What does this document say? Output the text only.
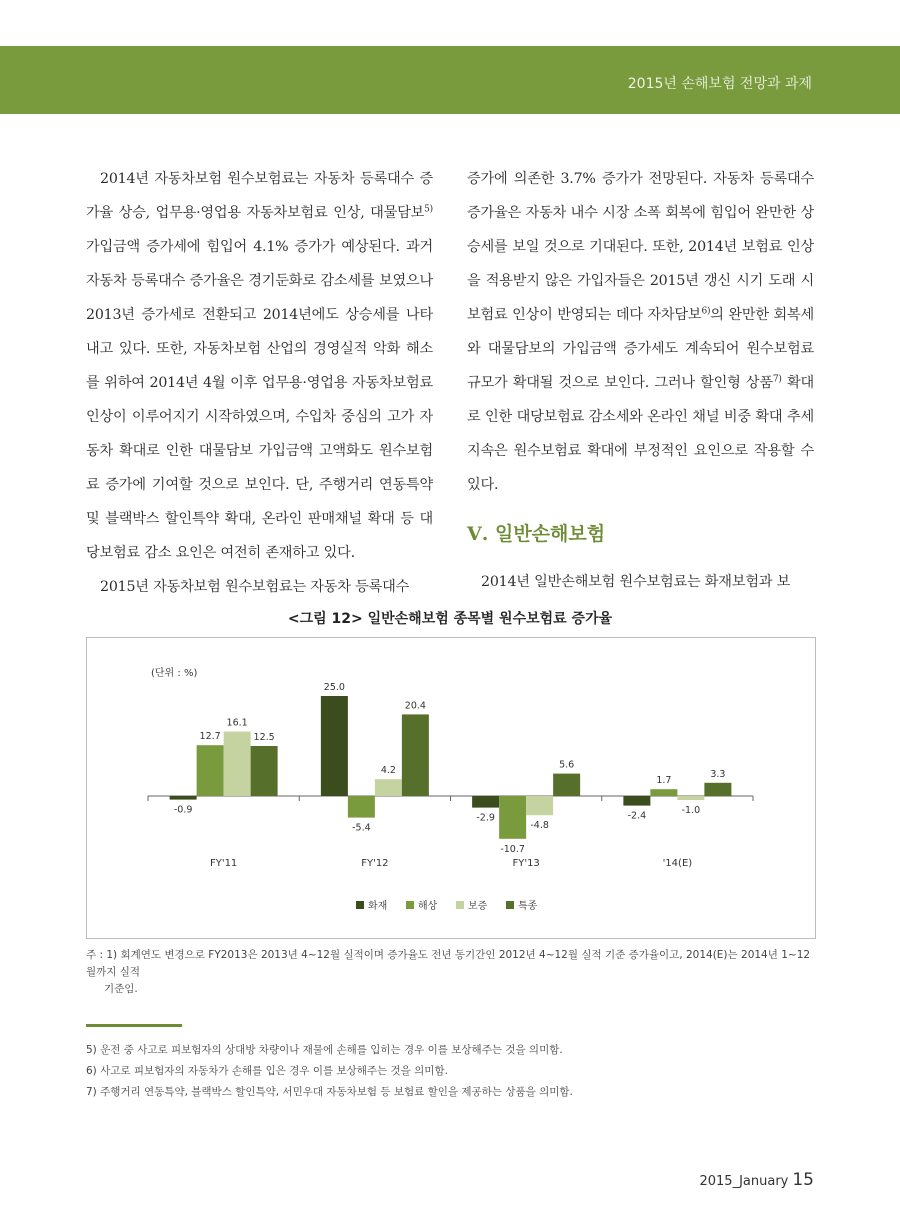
2015년 손해보험 전망과 과제

2014년 자동차보험 원수보험료는 자동차 등록대수 증가율 상승, 업무용·영업용 자동차보험료 인상, 대물담보$^{5)}$ 가입금액 증가세에 힘입어 4.1% 증가가 예상된다. 과거 자동차 등록대수 증가율은 경기둔화로 감소세를 보였으나 2013년 증가세로 전환되고 2014년에도 상승세를 나타내고 있다. 또한, 자동차보험 산업의 경영실적 악화 해소를 위하여 2014년 4월 이후 업무용·영업용 자동차보험료 인상이 이루어지기 시작하였으며, 수입차 중심의 고가 자동차 확대로 인한 대물담보 가입금액 고액화도 원수보험료 증가에 기여할 것으로 보인다. 단, 주행거리 연동특약 및 블랙박스 할인특약 확대, 온라인 판매채널 확대 등 대당보험료 감소 요인은 여전히 존재하고 있다.

2015년 자동차보험 원수보험료는 자동차 등록대수

증가에 의존한 3.7% 증가가 전망된다. 자동차 등록대수 증가율은 자동차 내수 시장 소폭 회복에 힘입어 완만한 상승세를 보일 것으로 기대된다. 또한, 2014년 보험료 인상을 적용받지 않은 가입자들은 2015년 갱신 시기 도래 시 보험료 인상이 반영되는 데다 자차담보$^{6)}$의 완만한 회복세와 대물담보의 가입금액 증가세도 계속되어 원수보험료 규모가 확대될 것으로 보인다. 그러나 할인형 상품$^{7)}$ 확대로 인한 대당보험료 감소세와 온라인 채널 비중 확대 추세 지속은 원수보험료 확대에 부정적인 요인으로 작용할 수 있다.

Ⅴ. 일반손해보험

2014년 일반손해보험 원수보험료는 화재보험과 보

<그림 12> 일반손해보험 종목별 원수보험료 증가율
(단위 : %)
-0.9
12.7
16.1
12.5
FY'11
25.0
-5.4
4.2
20.4
FY'12
-2.9
-10.7
-4.8
5.6
FY'13
-2.4
1.7
-1.0
3.3
'14(E)
화재	해상	보증	특종
주 : 1) 회계연도 변경으로 FY2013은 2013년 4~12월 실적이며 증가율도 전년 동기간인 2012년 4~12월 실적 기준 증가율이고, 2014(E)는 2014년 1~12월까지 실적
기준임.
5) 운전 중 사고로 피보험자의 상대방 차량이나 재물에 손해를 입히는 경우 이를 보상해주는 것을 의미함.
6) 사고로 피보험자의 자동차가 손해를 입은 경우 이를 보상해주는 것을 의미함.
7) 주행거리 연동특약, 블랙박스 할인특약, 서민우대 자동차보험 등 보험료 할인을 제공하는 상품을 의미함.
2015_January 15
